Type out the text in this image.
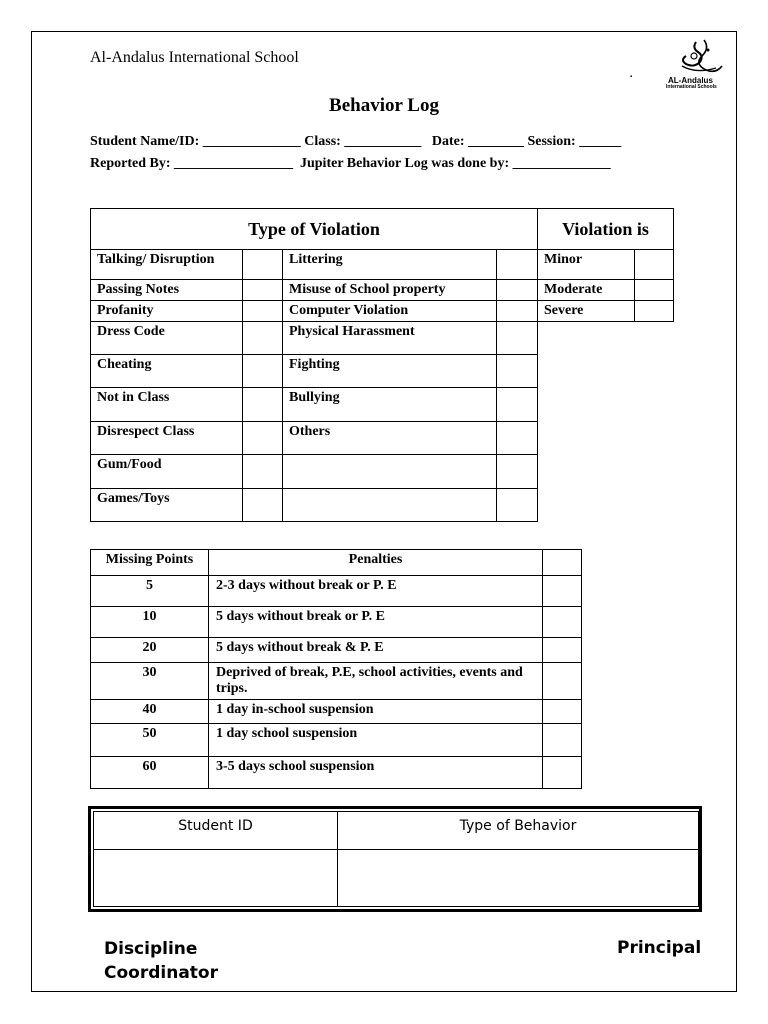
Al-Andalus International School
▪	AL-Andalus
International Schools
Behavior Log
Student Name/ID: ______________ Class: ___________   Date: ________ Session: ______
Reported By: _________________  Jupiter Behavior Log was done by: ______________
Type of Violation				Violation is	
Talking/ Disruption		Littering		Minor	
Passing Notes		Misuse of School property		Moderate	
Profanity		Computer Violation		Severe	
Dress Code		Physical Harassment			
Cheating		Fighting			
Not in Class		Bullying			
Disrespect Class		Others			
Gum/Food					
Games/Toys					
Missing Points	Penalties	
5	2-3 days without break or P. E	
10	5 days without break or P. E	
20	5 days without break & P. E	
30	Deprived of break, P.E, school activities, events and trips.	
40	1 day in-school suspension	
50	1 day school suspension	
60	3-5 days school suspension	
Student ID	Type of Behavior
Discipline Coordinator
Principal
